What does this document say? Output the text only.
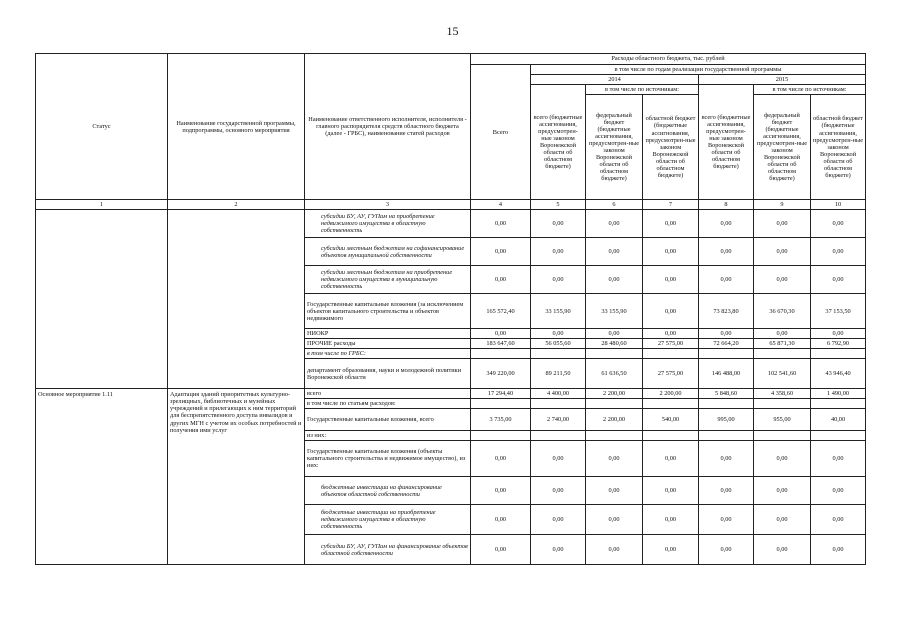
15
Статус	Наименование государственной программы, подпрограммы, основного мероприятия	Наименование ответственного исполнителя, исполнителя - главного распорядителя средств областного бюджета (далее - ГРБС), наименование статей расходов	Расходы областного бюджета, тыс. рублей						
			Всего	в том числе по годам реализации государственной программы					
				2014			2015		
				всего (бюджетные ассигнования, предусмотрен-ные законом Воронежской области об областном бюджете)	в том числе по источникам:		всего (бюджетные ассигнования, предусмотрен-ные законом Воронежской области об областном бюджете)	в том числе по источникам:	
					федеральный бюджет (бюджетные ассигнования, предусмотрен-ные законом Воронежской области об областном бюджете)	областной бюджет (бюджетные ассигнования, предусмотрен-ные законом Воронежской области об областном бюджете)		федеральный бюджет (бюджетные ассигнования, предусмотрен-ные законом Воронежской области об областном бюджете)	областной бюджет (бюджетные ассигнования, предусмотрен-ные законом Воронежской области об областном бюджете)
1	2	3	4	5	6	7	8	9	10
		субсидии БУ, АУ, ГУПам на приобретение недвижимого имущества в областную собственность	0,00	0,00	0,00	0,00	0,00	0,00	0,00
		субсидии местным бюджетам на софинансирование объектов муниципальной собственности	0,00	0,00	0,00	0,00	0,00	0,00	0,00
		субсидии местным бюджетам на приобретение недвижимого имущества в муниципальную собственность	0,00	0,00	0,00	0,00	0,00	0,00	0,00
		Государственные капитальные вложения (за исключением объектов капитального строительства и объектов недвижимого	165 572,40	33 155,90	33 155,90	0,00	73 823,80	36 670,30	37 153,50
		НИОКР	0,00	0,00	0,00	0,00	0,00	0,00	0,00
		ПРОЧИЕ расходы	183 647,60	56 055,60	28 480,60	27 575,00	72 664,20	65 871,30	6 792,90
		в том числе по ГРБС:							
		департамент образования, науки и молодежной политики Воронежской области	349 220,00	89 211,50	61 636,50	27 575,00	146 488,00	102 541,60	43 946,40
Основное мероприятие 1.11	Адаптация зданий приоритетных культурно-зрелищных, библиотечных и музейных учреждений и прилегающих к ним территорий для беспрепятственного доступа инвалидов и других МГН с учетом их особых потребностей и получения ими услуг	всего	17 294,40	4 400,00	2 200,00	2 200,00	5 848,60	4 358,60	1 490,00
		в том числе по статьям расходов:							
		Государственные капитальные вложения, всего	3 735,00	2 740,00	2 200,00	540,00	995,00	955,00	40,00
		из них:							
		Государственные капитальные вложения (объекты капитального строительства и недвижимое имущество), из них:	0,00	0,00	0,00	0,00	0,00	0,00	0,00
		бюджетные инвестиции на финансирование объектов областной собственности	0,00	0,00	0,00	0,00	0,00	0,00	0,00
		бюджетные инвестиции на приобретение недвижимого имущества в областную собственность	0,00	0,00	0,00	0,00	0,00	0,00	0,00
		субсидии БУ, АУ, ГУПам на финансирование объектов областной собственности	0,00	0,00	0,00	0,00	0,00	0,00	0,00
